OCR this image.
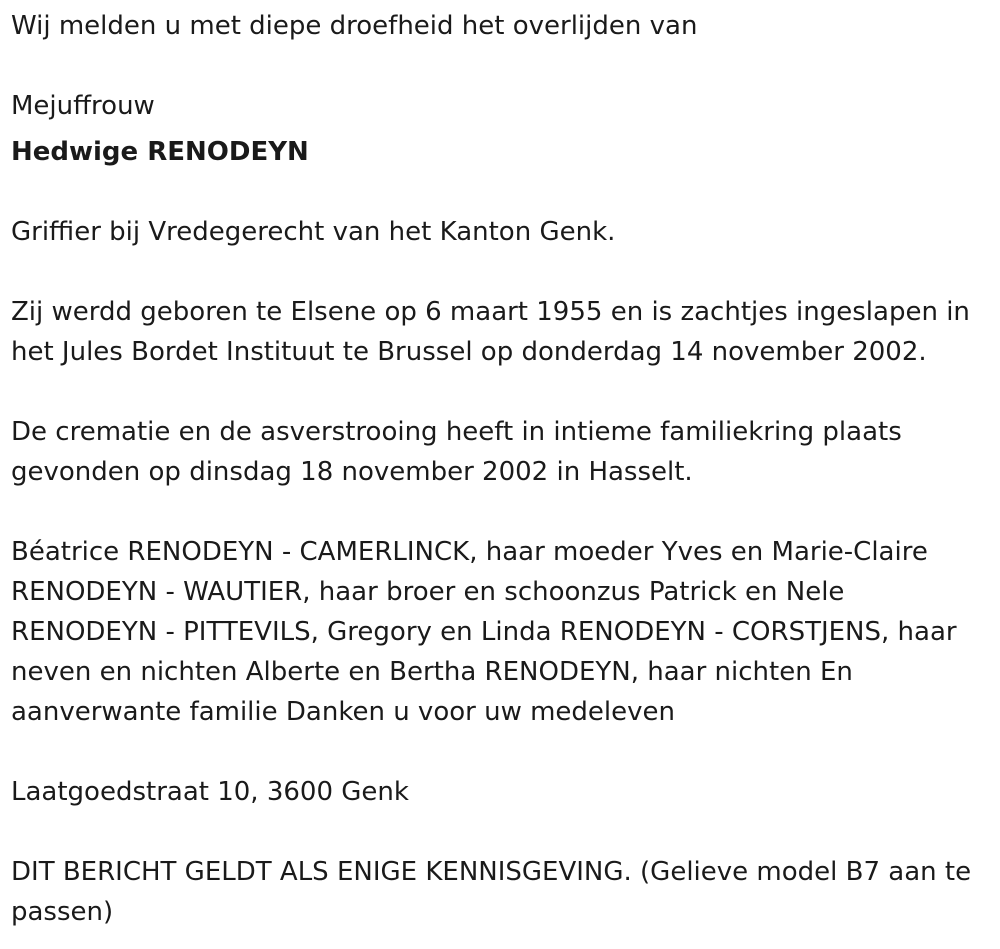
Wij melden u met diepe droefheid het overlijden van

Mejuffrouw

Hedwige RENODEYN

Griffier bij Vredegerecht van het Kanton Genk.

Zij werdd geboren te Elsene op 6 maart 1955 en is zachtjes ingeslapen in

het Jules Bordet Instituut te Brussel op donderdag 14 november 2002.

De crematie en de asverstrooing heeft in intieme familiekring plaats

gevonden op dinsdag 18 november 2002 in Hasselt.

Béatrice RENODEYN - CAMERLINCK, haar moeder Yves en Marie-Claire

RENODEYN - WAUTIER, haar broer en schoonzus Patrick en Nele

RENODEYN - PITTEVILS, Gregory en Linda RENODEYN - CORSTJENS, haar

neven en nichten Alberte en Bertha RENODEYN, haar nichten En

aanverwante familie Danken u voor uw medeleven

Laatgoedstraat 10, 3600 Genk

DIT BERICHT GELDT ALS ENIGE KENNISGEVING. (Gelieve model B7 aan te

passen)
